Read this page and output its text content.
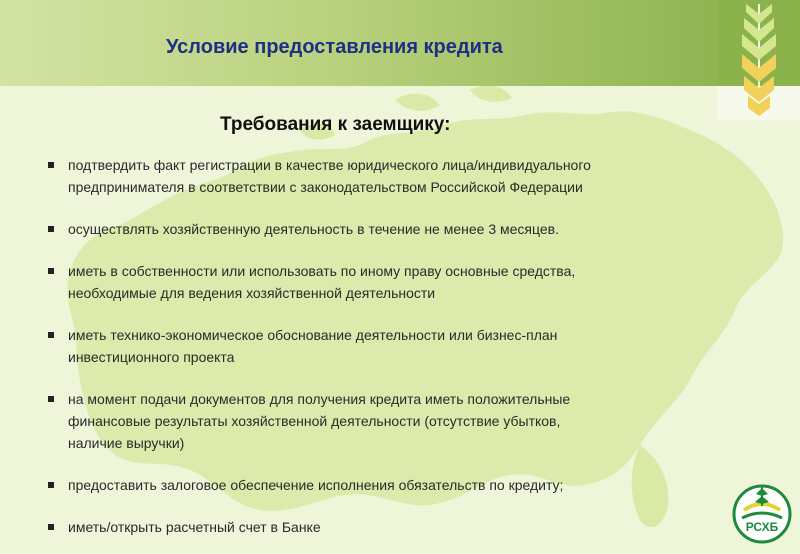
Условие предоставления кредита
Требования к заемщику:
подтвердить факт регистрации в качестве юридического лица/индивидуального
предпринимателя в соответствии с законодательством Российской Федерации
осуществлять хозяйственную деятельность в течение не менее 3 месяцев.
иметь в собственности или использовать по иному праву основные средства,
необходимые для ведения хозяйственной деятельности
иметь технико-экономическое обоснование деятельности или бизнес-план
инвестиционного проекта
на момент подачи документов для получения кредита иметь положительные
финансовые результаты хозяйственной деятельности (отсутствие убытков,
наличие выручки)
предоставить залоговое обеспечение исполнения обязательств по кредиту;
иметь/открыть расчетный счет в Банке	РСХБ
